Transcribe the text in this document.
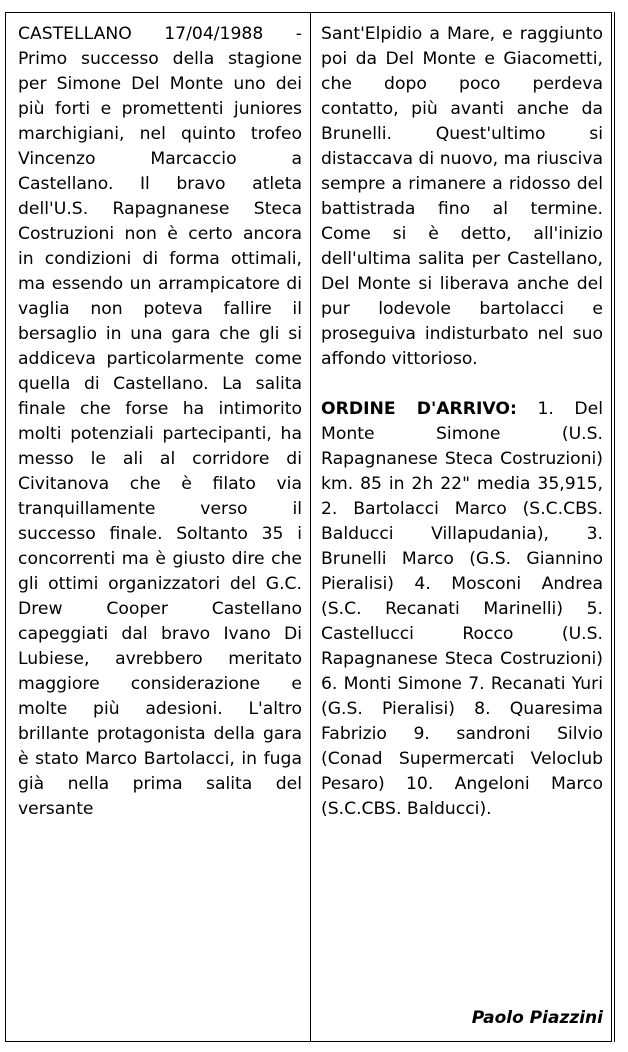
CASTELLANO 17/04/1988 - Primo successo della stagione per Simone Del Monte uno dei più forti e promettenti juniores marchigiani, nel quinto trofeo Vincenzo Marcaccio a Castellano. Il bravo atleta dell'U.S. Rapagnanese Steca Costruzioni non è certo ancora in condizioni di forma ottimali, ma essendo un arrampicatore di vaglia non poteva fallire il bersaglio in una gara che gli si addiceva particolarmente come quella di Castellano. La salita finale che forse ha intimorito molti potenziali partecipanti, ha messo le ali al corridore di Civitanova che è filato via tranquillamente verso il successo finale. Soltanto 35 i concorrenti ma è giusto dire che gli ottimi organizzatori del G.C. Drew Cooper Castellano capeggiati dal bravo Ivano Di Lubiese, avrebbero meritato maggiore considerazione e molte più adesioni. L'altro brillante protagonista della gara è stato Marco Bartolacci, in fuga già nella prima salita del versante

Sant'Elpidio a Mare, e raggiunto poi da Del Monte e Giacometti, che dopo poco perdeva contatto, più avanti anche da Brunelli. Quest'ultimo si distaccava di nuovo, ma riusciva sempre a rimanere a ridosso del battistrada fino al termine. Come si è detto, all'inizio dell'ultima salita per Castellano, Del Monte si liberava anche del pur lodevole bartolacci e proseguiva indisturbato nel suo affondo vittorioso.

ORDINE D'ARRIVO: 1. Del Monte Simone (U.S. Rapagnanese Steca Costruzioni) km. 85 in 2h 22" media 35,915, 2. Bartolacci Marco (S.C.CBS. Balducci Villapudania), 3. Brunelli Marco (G.S. Giannino Pieralisi) 4. Mosconi Andrea (S.C. Recanati Marinelli) 5. Castellucci Rocco (U.S. Rapagnanese Steca Costruzioni) 6. Monti Simone 7. Recanati Yuri (G.S. Pieralisi) 8. Quaresima Fabrizio 9. sandroni Silvio (Conad Supermercati Veloclub Pesaro) 10. Angeloni Marco (S.C.CBS. Balducci).

Paolo Piazzini
